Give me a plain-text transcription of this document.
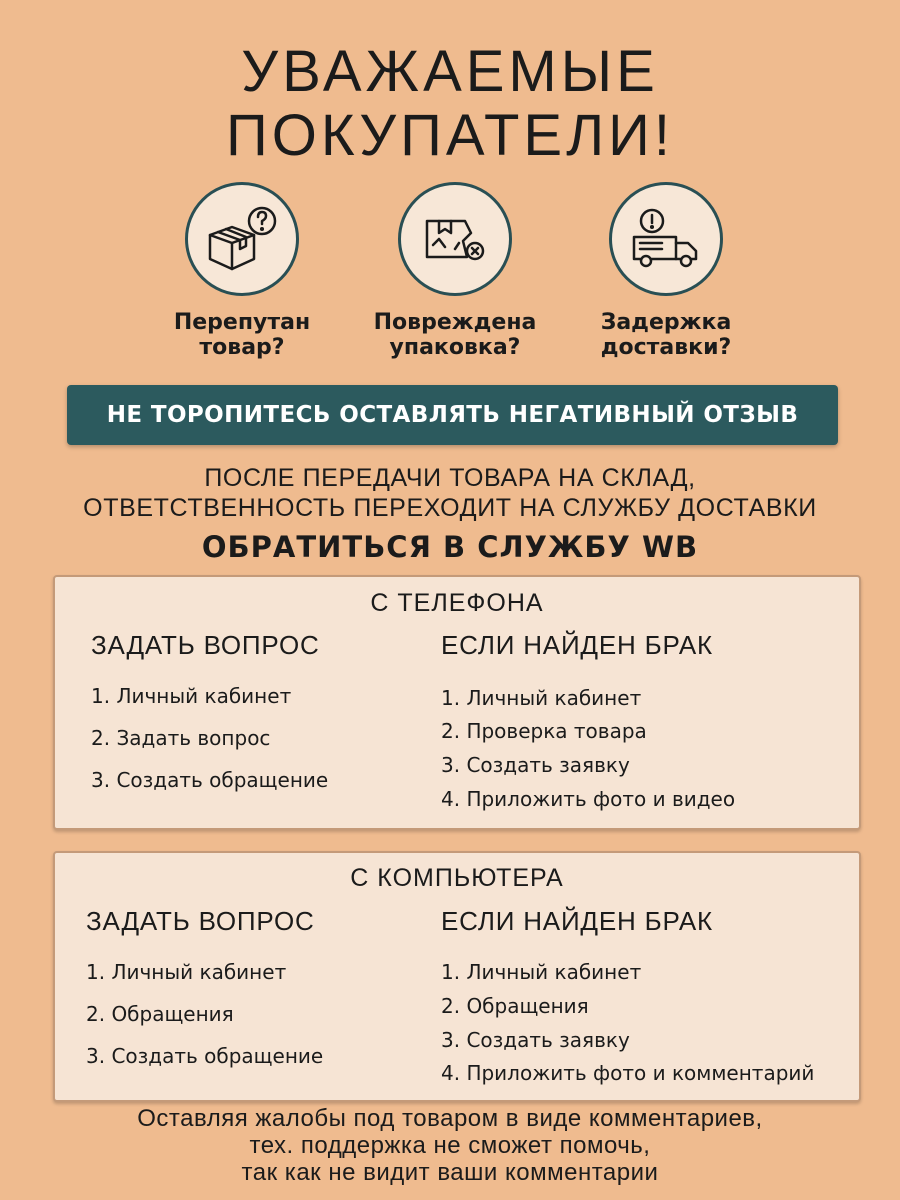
УВАЖАЕМЫЕ
ПОКУПАТЕЛИ!
Перепутан
товар?
Повреждена
упаковка?
Задержка
доставки?
НЕ ТОРОПИТЕСЬ ОСТАВЛЯТЬ НЕГАТИВНЫЙ ОТЗЫВ
ПОСЛЕ ПЕРЕДАЧИ ТОВАРА НА СКЛАД,
ОТВЕТСТВЕННОСТЬ ПЕРЕХОДИТ НА СЛУЖБУ ДОСТАВКИ
ОБРАТИТЬСЯ В СЛУЖБУ WB
С ТЕЛЕФОНА
ЗАДАТЬ ВОПРОС	ЕСЛИ НАЙДЕН БРАК
1. Личный кабинет
2. Задать вопрос
3. Создать обращение
1. Личный кабинет
2. Проверка товара
3. Создать заявку
4. Приложить фото и видео
С КОМПЬЮТЕРА
ЗАДАТЬ ВОПРОС	ЕСЛИ НАЙДЕН БРАК
1. Личный кабинет
2. Обращения
3. Создать обращение
1. Личный кабинет
2. Обращения
3. Создать заявку
4. Приложить фото и комментарий
Оставляя жалобы под товаром в виде комментариев,
тех. поддержка не сможет помочь,
так как не видит ваши комментарии
